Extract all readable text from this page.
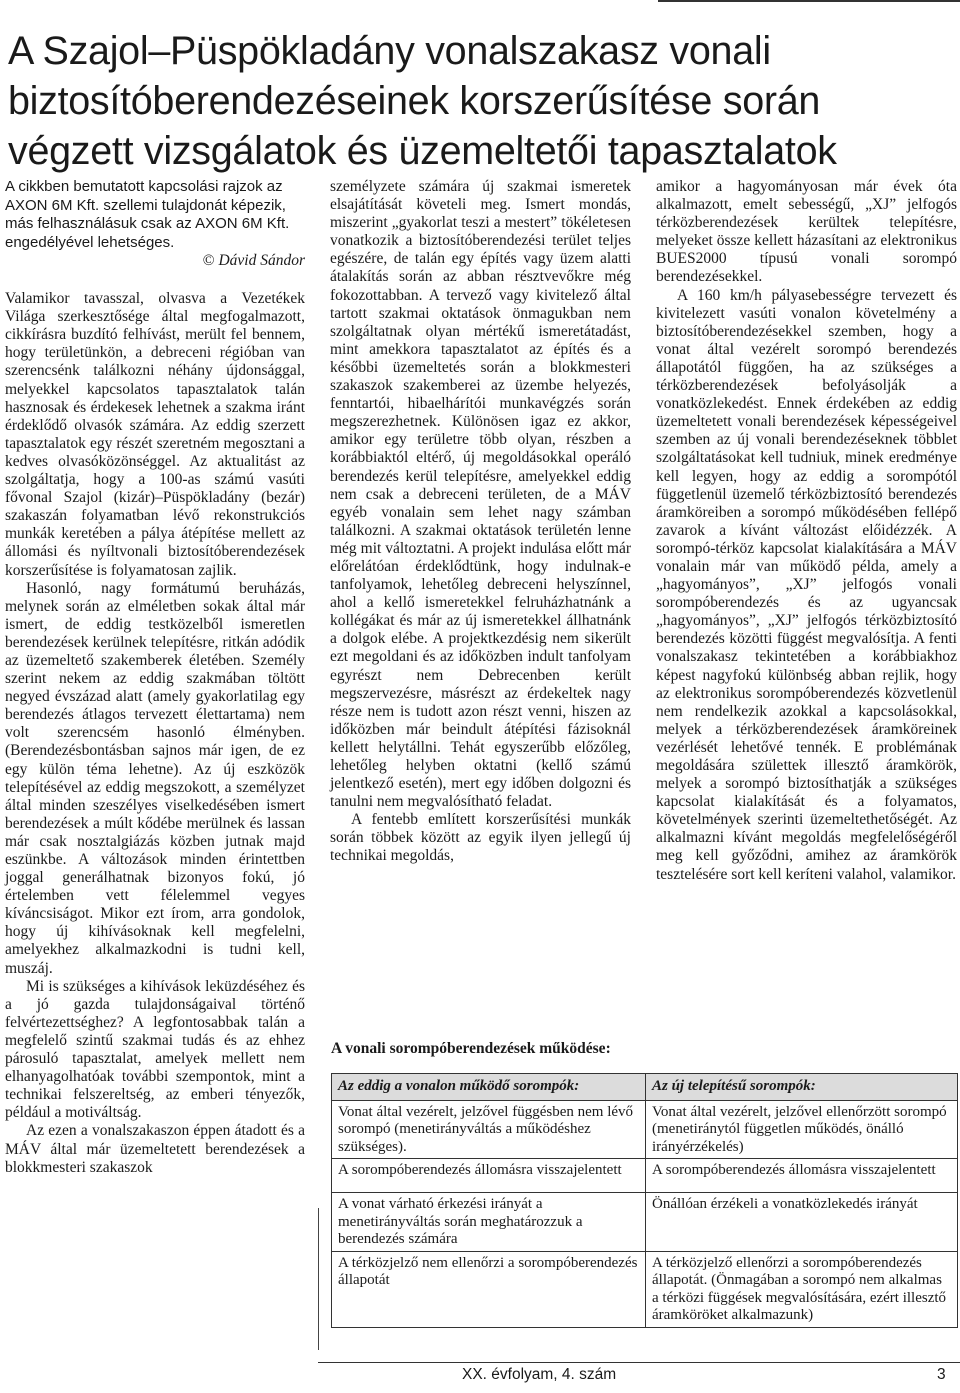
A Szajol–Püspökladány vonalszakasz vonali biztosítóberendezéseinek korszerűsítése során végzett vizsgálatok és üzemeltetői tapasztalatok

A cikkben bemutatott kapcsolási rajzok az AXON 6M Kft. szellemi tulajdonát képezik, más felhasználásuk csak az AXON 6M Kft. engedélyével lehetséges.

© Dávid Sándor

Valamikor tavasszal, olvasva a Vezetékek Világa szerkesztősége által megfogalmazott, cikkírásra buzdító felhívást, merült fel bennem, hogy területünkön, a debreceni régióban van szerencsénk találkozni néhány újdonsággal, melyekkel kapcsolatos tapasztalatok talán hasznosak és érdekesek lehetnek a szakma iránt érdeklődő olvasók számára. Az eddig szerzett tapasztalatok egy részét szeretném megosztani a kedves olvasóközönséggel. Az aktualitást az szolgáltatja, hogy a 100-as számú vasúti fővonal Szajol (kizár)–Püspökladány (bezár) szakaszán folyamatban lévő rekonstrukciós munkák keretében a pálya átépítése mellett az állomási és nyíltvonali biztosítóberendezések korszerűsítése is folyamatosan zajlik.

Hasonló, nagy formátumú beruházás, melynek során az elméletben sokak által már ismert, de eddig testközelből ismeretlen berendezések kerülnek telepítésre, ritkán adódik az üzemeltető szakemberek életében. Személy szerint nekem az eddig szakmában töltött negyed évszázad alatt (amely gyakorlatilag egy berendezés átlagos tervezett élettartama) nem volt szerencsém hasonló élményben. (Berendezésbontásban sajnos már igen, de ez egy külön téma lehetne). Az új eszközök telepítésével az eddig megszokott, a személyzet által minden szeszélyes viselkedésében ismert berendezések a múlt kődébe merülnek és lassan már csak nosztalgiázás közben jutnak majd eszünkbe. A változások minden érintettben joggal generálhatnak bizonyos fokú, jó értelemben vett félelemmel vegyes kíváncsiságot. Mikor ezt írom, arra gondolok, hogy új kihívásoknak kell megfelelni, amelyekhez alkalmazkodni is tudni kell, muszáj.

Mi is szükséges a kihívások leküzdéséhez és a jó gazda tulajdonságaival történő felvértezettséghez? A legfontosabbak talán a megfelelő szintű szakmai tudás és az ehhez párosuló tapasztalat, amelyek mellett nem elhanyagolhatóak további szempontok, mint a technikai felszereltség, az emberi tényezők, például a motiváltság.

Az ezen a vonalszakaszon éppen átadott és a MÁV által már üzemeltetett berendezések a blokkmesteri szakaszok

személyzete számára új szakmai ismeretek elsajátítását követeli meg. Ismert mondás, miszerint „gyakorlat teszi a mestert” tökéletesen vonatkozik a biztosítóberendezési terület teljes egészére, de talán egy építés vagy üzem alatti átalakítás során az abban résztvevőkre még fokozottabban. A tervező vagy kivitelező által tartott szakmai oktatások önmagukban nem szolgáltatnak olyan mértékű ismeretátadást, mint amekkora tapasztalatot az építés és a későbbi üzemeltetés során a blokkmesteri szakaszok szakemberei az üzembe helyezés, fenntartói, hibaelhárítói munkavégzés során megszerezhetnek. Különösen igaz ez akkor, amikor egy területre több olyan, részben a korábbiaktól eltérő, új megoldásokkal operáló berendezés kerül telepítésre, amelyekkel eddig nem csak a debreceni területen, de a MÁV egyéb vonalain sem lehet nagy számban találkozni. A szakmai oktatások területén lenne még mit változtatni. A projekt indulása előtt már előrelátóan érdeklődtünk, hogy indulnak-e tanfolyamok, lehetőleg debreceni helyszínnel, ahol a kellő ismeretekkel felruházhatnánk a kollégákat és már az új ismeretekkel állhatnánk a dolgok elébe. A projektkezdésig nem sikerült ezt megoldani és az időközben indult tanfolyam egyrészt nem Debrecenben került megszervezésre, másrészt az érdekeltek nagy része nem is tudott azon részt venni, hiszen az időközben már beindult átépítési fázisoknál kellett helytállni. Tehát egyszerűbb előzőleg, lehetőleg helyben oktatni (kellő számú jelentkező esetén), mert egy időben dolgozni és tanulni nem megvalósítható feladat.

A fentebb említett korszerűsítési munkák során többek között az egyik ilyen jellegű új technikai megoldás,

amikor a hagyományosan már évek óta alkalmazott, emelt sebességű, „XJ” jelfogós térközberendezések kerültek telepítésre, melyeket össze kellett házasítani az elektronikus BUES2000 típusú vonali sorompó berendezésekkel.

A 160 km/h pályasebességre tervezett és kivitelezett vasúti vonalon követelmény a biztosítóberendezésekkel szemben, hogy a vonat által vezérelt sorompó berendezés állapotától függően, ha az szükséges a térközberendezések befolyásolják a vonatközlekedést. Ennek érdekében az eddig üzemeltetett vonali berendezések képességeivel szemben az új vonali berendezéseknek többlet szolgáltatásokat kell tudniuk, minek eredménye kell legyen, hogy az eddig a sorompótól függetlenül üzemelő térközbiztosító berendezés áramköreiben a sorompó működésében fellépő zavarok a kívánt változást előidézzék. A sorompó-térköz kapcsolat kialakítására a MÁV vonalain már van működő példa, amely a „hagyományos”, „XJ” jelfogós vonali sorompóberendezés és az ugyancsak „hagyományos”, „XJ” jelfogós térközbiztosító berendezés közötti függést megvalósítja. A fenti vonalszakasz tekintetében a korábbiakhoz képest nagyfokú különbség abban rejlik, hogy az elektronikus sorompóberendezés közvetlenül nem rendelkezik azokkal a kapcsolásokkal, melyek a térközberendezések áramköreinek vezérlését lehetővé tennék. E problémának megoldására születtek illesztő áramkörök, melyek a sorompó biztosíthatják a szükséges kapcsolat kialakítását és a folyamatos, követelmények szerinti üzemeltethetőségét. Az alkalmazni kívánt megoldás megfelelőségéről meg kell győződni, amihez az áramkörök tesztelésére sort kell keríteni valahol, valamikor.

A vonali sorompóberendezések működése:
Az eddig a vonalon működő sorompók:	Az új telepítésű sorompók:
Vonat által vezérelt, jelzővel függésben nem lévő sorompó (menetirányváltás a működéshez szükséges).	Vonat által vezérelt, jelzővel ellenőrzött sorompó (menetiránytól független működés, önálló irányérzékelés)
A sorompóberendezés állomásra visszajelentett	A sorompóberendezés állomásra visszajelentett
A vonat várható érkezési irányát a menetirányváltás során meghatározzuk a berendezés számára	Önállóan érzékeli a vonatközlekedés irányát
A térközjelző nem ellenőrzi a sorompóberendezés állapotát	A térközjelző ellenőrzi a sorompóberendezés állapotát. (Önmagában a sorompó nem alkalmas a térközi függések megvalósítására, ezért illesztő áramköröket alkalmazunk)
XX. évfolyam, 4. szám	3
